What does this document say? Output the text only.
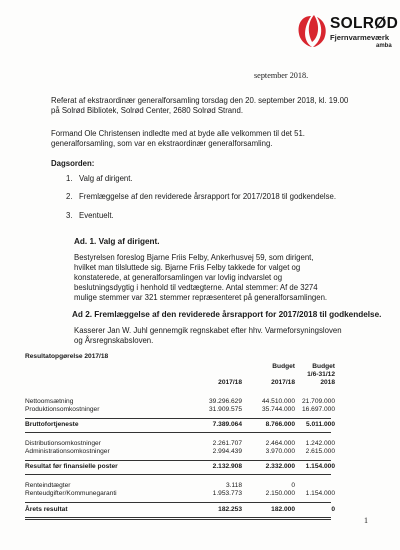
SOLRØD
Fjernvarmeværk
amba
september 2018.

Referat af ekstraordinær generalforsamling torsdag den 20. september 2018, kl. 19.00 på Solrød Bibliotek, Solrød Center, 2680 Solrød Strand.

Formand Ole Christensen indledte med at byde alle velkommen til det 51. generalforsamling, som var en ekstraordinær generalforsamling.

Dagsorden:
1. Valg af dirigent.
2. Fremlæggelse af den reviderede årsrapport for 2017/2018 til godkendelse.
3. Eventuelt.
Ad. 1. Valg af dirigent.

Bestyrelsen foreslog Bjarne Friis Felby, Ankerhusvej 59, som dirigent, hvilket man tilsluttede sig. Bjarne Friis Felby takkede for valget og konstaterede, at generalforsamlingen var lovlig indvarslet og beslutningsdygtig i henhold til vedtægterne. Antal stemmer: Af de 3274 mulige stemmer var 321 stemmer repræsenteret på generalforsamlingen.

Ad 2. Fremlæggelse af den reviderede årsrapport for 2017/2018 til godkendelse.

Kasserer Jan W. Juhl gennemgik regnskabet efter hhv. Varmeforsyningsloven og Årsregnskabsloven.

Resultatopgørelse 2017/18
Budget	Budget
1/6-31/12
2017/18	2017/18	2018
Nettoomsætning	39.296.629	44.510.000	21.709.000
Produktionsomkostninger	31.909.575	35.744.000	16.697.000
Bruttofortjeneste	7.389.064	8.766.000	5.011.000
Distributionsomkostninger	2.261.707	2.464.000	1.242.000
Administrationsomkostninger	2.994.439	3.970.000	2.615.000
Resultat før finansielle poster	2.132.908	2.332.000	1.154.000
Renteindtægter	3.118	0
Renteudgifter/Kommunegaranti	1.953.773	2.150.000	1.154.000
Årets resultat	182.253	182.000	0
1
